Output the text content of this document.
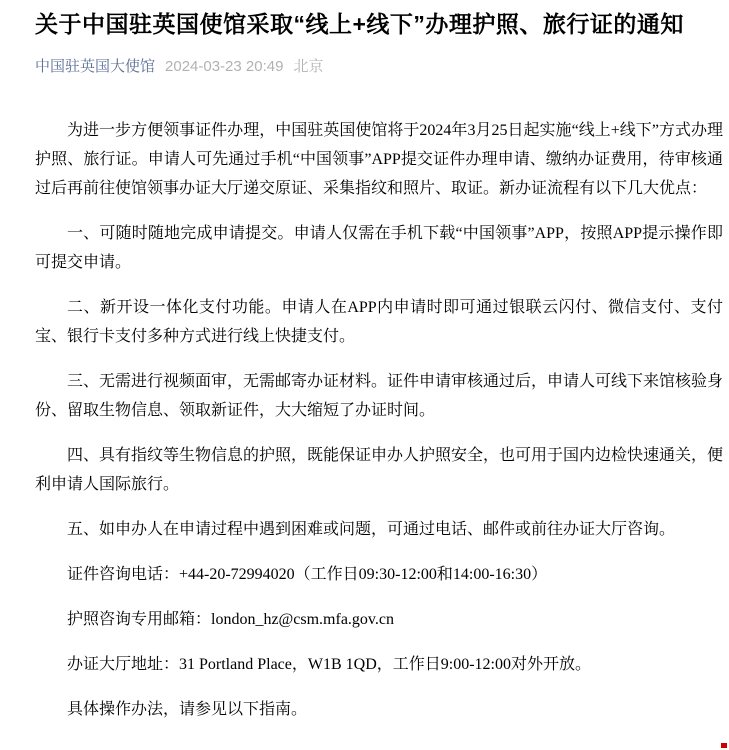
关于中国驻英国使馆采取“线上+线下”办理护照、旅行证的通知
中国驻英国大使馆 2024-03-23 20:49 北京

为进一步方便领事证件办理，中国驻英国使馆将于2024年3月25日起实施“线上+线下”方式办理护照、旅行证。申请人可先通过手机“中国领事”APP提交证件办理申请、缴纳办证费用，待审核通过后再前往使馆领事办证大厅递交原证、采集指纹和照片、取证。新办证流程有以下几大优点：

一、可随时随地完成申请提交。申请人仅需在手机下载“中国领事”APP，按照APP提示操作即可提交申请。

二、新开设一体化支付功能。申请人在APP内申请时即可通过银联云闪付、微信支付、支付宝、银行卡支付多种方式进行线上快捷支付。

三、无需进行视频面审，无需邮寄办证材料。证件申请审核通过后，申请人可线下来馆核验身份、留取生物信息、领取新证件，大大缩短了办证时间。

四、具有指纹等生物信息的护照，既能保证申办人护照安全，也可用于国内边检快速通关，便利申请人国际旅行。

五、如申办人在申请过程中遇到困难或问题，可通过电话、邮件或前往办证大厅咨询。

证件咨询电话：+44-20-72994020（工作日09:30-12:00和14:00-16:30）

护照咨询专用邮箱：london_hz@csm.mfa.gov.cn

办证大厅地址：31 Portland Place，W1B 1QD，工作日9:00-12:00对外开放。

具体操作办法，请参见以下指南。
